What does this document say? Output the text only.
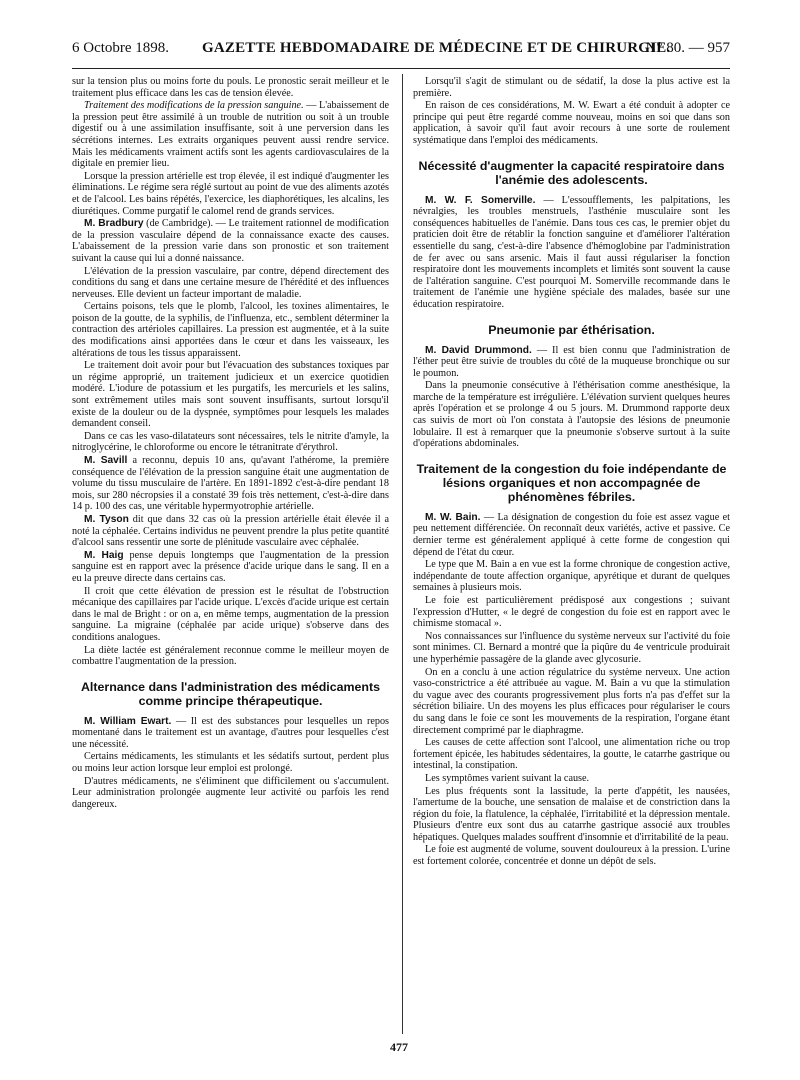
6 Octobre 1898. GAZETTE HEBDOMADAIRE DE MÉDECINE ET DE CHIRURGIE.
N° 80. — 957

sur la tension plus ou moins forte du pouls. Le pronostic serait meilleur et le traitement plus efficace dans les cas de tension élevée.

Traitement des modifications de la pression sanguine. — L'abaissement de la pression peut être assimilé à un trouble de nutrition ou soit à un trouble digestif ou à une assimilation insuffisante, soit à une perversion dans les sécrétions internes. Les extraits organiques peuvent aussi rendre service. Mais les médicaments vraiment actifs sont les agents cardiovasculaires de la digitale en premier lieu.

Lorsque la pression artérielle est trop élevée, il est indiqué d'augmenter les éliminations. Le régime sera réglé surtout au point de vue des aliments azotés et de l'alcool. Les bains répétés, l'exercice, les diaphorétiques, les alcalins, les diurétiques. Comme purgatif le calomel rend de grands services.

M. Bradbury (de Cambridge). — Le traitement rationnel de modification de la pression vasculaire dépend de la connaissance exacte des causes. L'abaissement de la pression varie dans son pronostic et son traitement suivant la cause qui lui a donné naissance.

L'élévation de la pression vasculaire, par contre, dépend directement des conditions du sang et dans une certaine mesure de l'hérédité et des influences nerveuses. Elle devient un facteur important de maladie.

Certains poisons, tels que le plomb, l'alcool, les toxines alimentaires, le poison de la goutte, de la syphilis, de l'influenza, etc., semblent déterminer la contraction des artérioles capillaires. La pression est augmentée, et à la suite des modifications ainsi apportées dans le cœur et dans les vaisseaux, les altérations de tous les tissus apparaissent.

Le traitement doit avoir pour but l'évacuation des substances toxiques par un régime approprié, un traitement judicieux et un exercice quotidien modéré. L'iodure de potassium et les purgatifs, les mercuriels et les salins, sont extrêmement utiles mais sont souvent insuffisants, surtout lorsqu'il existe de la douleur ou de la dyspnée, symptômes pour lesquels les malades demandent conseil.

Dans ce cas les vaso-dilatateurs sont nécessaires, tels le nitrite d'amyle, la nitroglycérine, le chloroforme ou encore le tétranitrate d'érythrol.

M. Savill a reconnu, depuis 10 ans, qu'avant l'athérome, la première conséquence de l'élévation de la pression sanguine était une augmentation de volume du tissu musculaire de l'artère. En 1891-1892 c'est-à-dire pendant 18 mois, sur 280 nécropsies il a constaté 39 fois très nettement, c'est-à-dire dans 14 p. 100 des cas, une véritable hypermyotrophie artérielle.

M. Tyson dit que dans 32 cas où la pression artérielle était élevée il a noté la céphalée. Certains individus ne peuvent prendre la plus petite quantité d'alcool sans ressentir une sorte de plénitude vasculaire avec céphalée.

M. Haig pense depuis longtemps que l'augmentation de la pression sanguine est en rapport avec la présence d'acide urique dans le sang. Il en a eu la preuve directe dans certains cas.

Il croit que cette élévation de pression est le résultat de l'obstruction mécanique des capillaires par l'acide urique. L'excès d'acide urique est certain dans le mal de Bright : or on a, en même temps, augmentation de la pression sanguine. La migraine (céphalée par acide urique) s'observe dans des conditions analogues.

La diète lactée est généralement reconnue comme le meilleur moyen de combattre l'augmentation de la pression.

Alternance dans l'administration des médicaments comme principe thérapeutique.

M. William Ewart. — Il est des substances pour lesquelles un repos momentané dans le traitement est un avantage, d'autres pour lesquelles c'est une nécessité.

Certains médicaments, les stimulants et les sédatifs surtout, perdent plus ou moins leur action lorsque leur emploi est prolongé.

D'autres médicaments, ne s'éliminent que difficilement ou s'accumulent. Leur administration prolongée augmente leur activité ou parfois les rend dangereux.

Lorsqu'il s'agit de stimulant ou de sédatif, la dose la plus active est la première.

En raison de ces considérations, M. W. Ewart a été conduit à adopter ce principe qui peut être regardé comme nouveau, moins en soi que dans son application, à savoir qu'il faut avoir recours à une sorte de roulement systématique dans l'emploi des médicaments.

Nécessité d'augmenter la capacité respiratoire dans l'anémie des adolescents.

M. W. F. Somerville. — L'essoufflements, les palpitations, les névralgies, les troubles menstruels, l'asthénie musculaire sont les conséquences habituelles de l'anémie. Dans tous ces cas, le premier objet du praticien doit être de rétablir la fonction sanguine et d'améliorer l'altération essentielle du sang, c'est-à-dire l'absence d'hémoglobine par l'administration de fer avec ou sans arsenic. Mais il faut aussi régulariser la fonction respiratoire dont les mouvements incomplets et limités sont souvent la cause de l'altération sanguine. C'est pourquoi M. Somerville recommande dans le traitement de l'anémie une hygiène spéciale des malades, basée sur une éducation respiratoire.

Pneumonie par éthérisation.

M. David Drummond. — Il est bien connu que l'administration de l'éther peut être suivie de troubles du côté de la muqueuse bronchique ou sur le poumon.

Dans la pneumonie consécutive à l'éthérisation comme anesthésique, la marche de la température est irrégulière. L'élévation survient quelques heures après l'opération et se prolonge 4 ou 5 jours. M. Drummond rapporte deux cas suivis de mort où l'on constata à l'autopsie des lésions de pneumonie lobulaire. Il est à remarquer que la pneumonie s'observe surtout à la suite d'opérations abdominales.

Traitement de la congestion du foie indépendante de lésions organiques et non accompagnée de phénomènes fébriles.

M. W. Bain. — La désignation de congestion du foie est assez vague et peu nettement différenciée. On reconnaît deux variétés, active et passive. Ce dernier terme est généralement appliqué à cette forme de congestion qui dépend de l'état du cœur.

Le type que M. Bain a en vue est la forme chronique de congestion active, indépendante de toute affection organique, apyrétique et durant de quelques semaines à plusieurs mois.

Le foie est particulièrement prédisposé aux congestions ; suivant l'expression d'Hutter, « le degré de congestion du foie est en rapport avec le chimisme stomacal ».

Nos connaissances sur l'influence du système nerveux sur l'activité du foie sont minimes. Cl. Bernard a montré que la piqûre du 4e ventricule produirait une hyperhémie passagère de la glande avec glycosurie.

On en a conclu à une action régulatrice du système nerveux. Une action vaso-constrictrice a été attribuée au vague. M. Bain a vu que la stimulation du vague avec des courants progressivement plus forts n'a pas d'effet sur la sécrétion biliaire. Un des moyens les plus efficaces pour régulariser le cours du sang dans le foie ce sont les mouvements de la respiration, l'organe étant directement comprimé par le diaphragme.

Les causes de cette affection sont l'alcool, une alimentation riche ou trop fortement épicée, les habitudes sédentaires, la goutte, le catarrhe gastrique ou intestinal, la constipation.

Les symptômes varient suivant la cause.

Les plus fréquents sont la lassitude, la perte d'appétit, les nausées, l'amertume de la bouche, une sensation de malaise et de constriction dans la région du foie, la flatulence, la céphalée, l'irritabilité et la dépression mentale. Plusieurs d'entre eux sont dus au catarrhe gastrique associé aux troubles hépatiques. Quelques malades souffrent d'insomnie et d'irritabilité de la peau.

Le foie est augmenté de volume, souvent douloureux à la pression. L'urine est fortement colorée, concentrée et donne un dépôt de sels.

477
